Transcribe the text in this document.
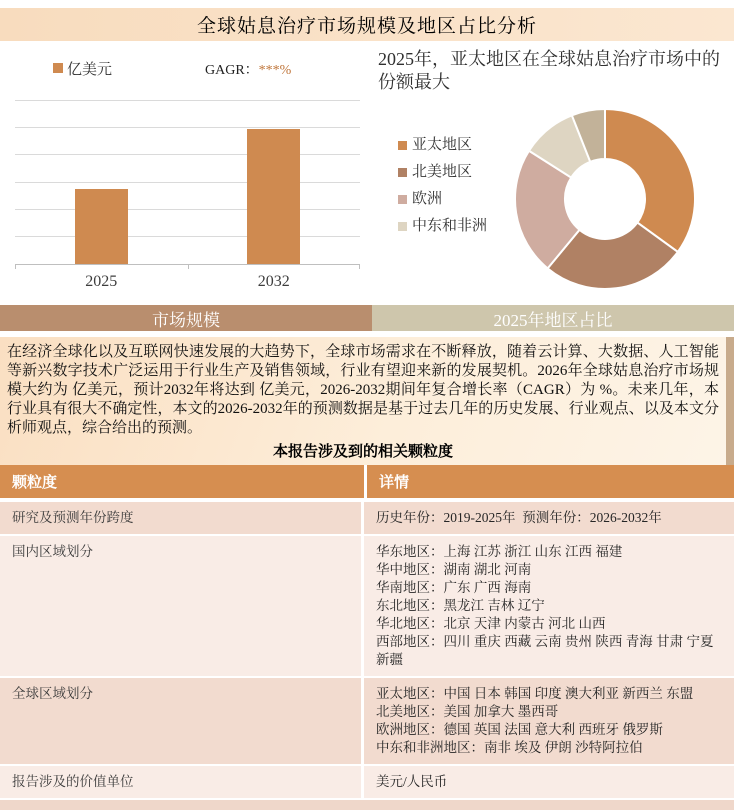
全球姑息治疗市场规模及地区占比分析
亿美元	GAGR：***%
2025	2032
2025年，亚太地区在全球姑息治疗市场中的份额最大
亚太地区
北美地区
欧洲
中东和非洲
市场规模	2025年地区占比
在经济全球化以及互联网快速发展的大趋势下，全球市场需求在不断释放，随着云计算、大数据、人工智能等新兴数字技术广泛运用于行业生产及销售领域，行业有望迎来新的发展契机。2026年全球姑息治疗市场规模大约为 亿美元，预计2032年将达到 亿美元，2026-2032期间年复合增长率（CAGR）为 %。未来几年，本行业具有很大不确定性，本文的2026-2032年的预测数据是基于过去几年的历史发展、行业观点、以及本文分析师观点，综合给出的预测。
本报告涉及到的相关颗粒度
颗粒度	详情
研究及预测年份跨度	历史年份：2019-2025年  预测年份：2026-2032年
国内区域划分	华东地区：上海 江苏 浙江 山东 江西 福建
华中地区：湖南 湖北 河南
华南地区：广东 广西 海南
东北地区：黑龙江 吉林 辽宁
华北地区：北京 天津 内蒙古 河北 山西
西部地区：四川 重庆 西藏 云南 贵州 陕西 青海 甘肃 宁夏 新疆
全球区域划分	亚太地区：中国 日本 韩国 印度 澳大利亚 新西兰 东盟
北美地区：美国 加拿大 墨西哥
欧洲地区：德国 英国 法国 意大利 西班牙 俄罗斯
中东和非洲地区：南非 埃及 伊朗 沙特阿拉伯
报告涉及的价值单位	美元/人民币
